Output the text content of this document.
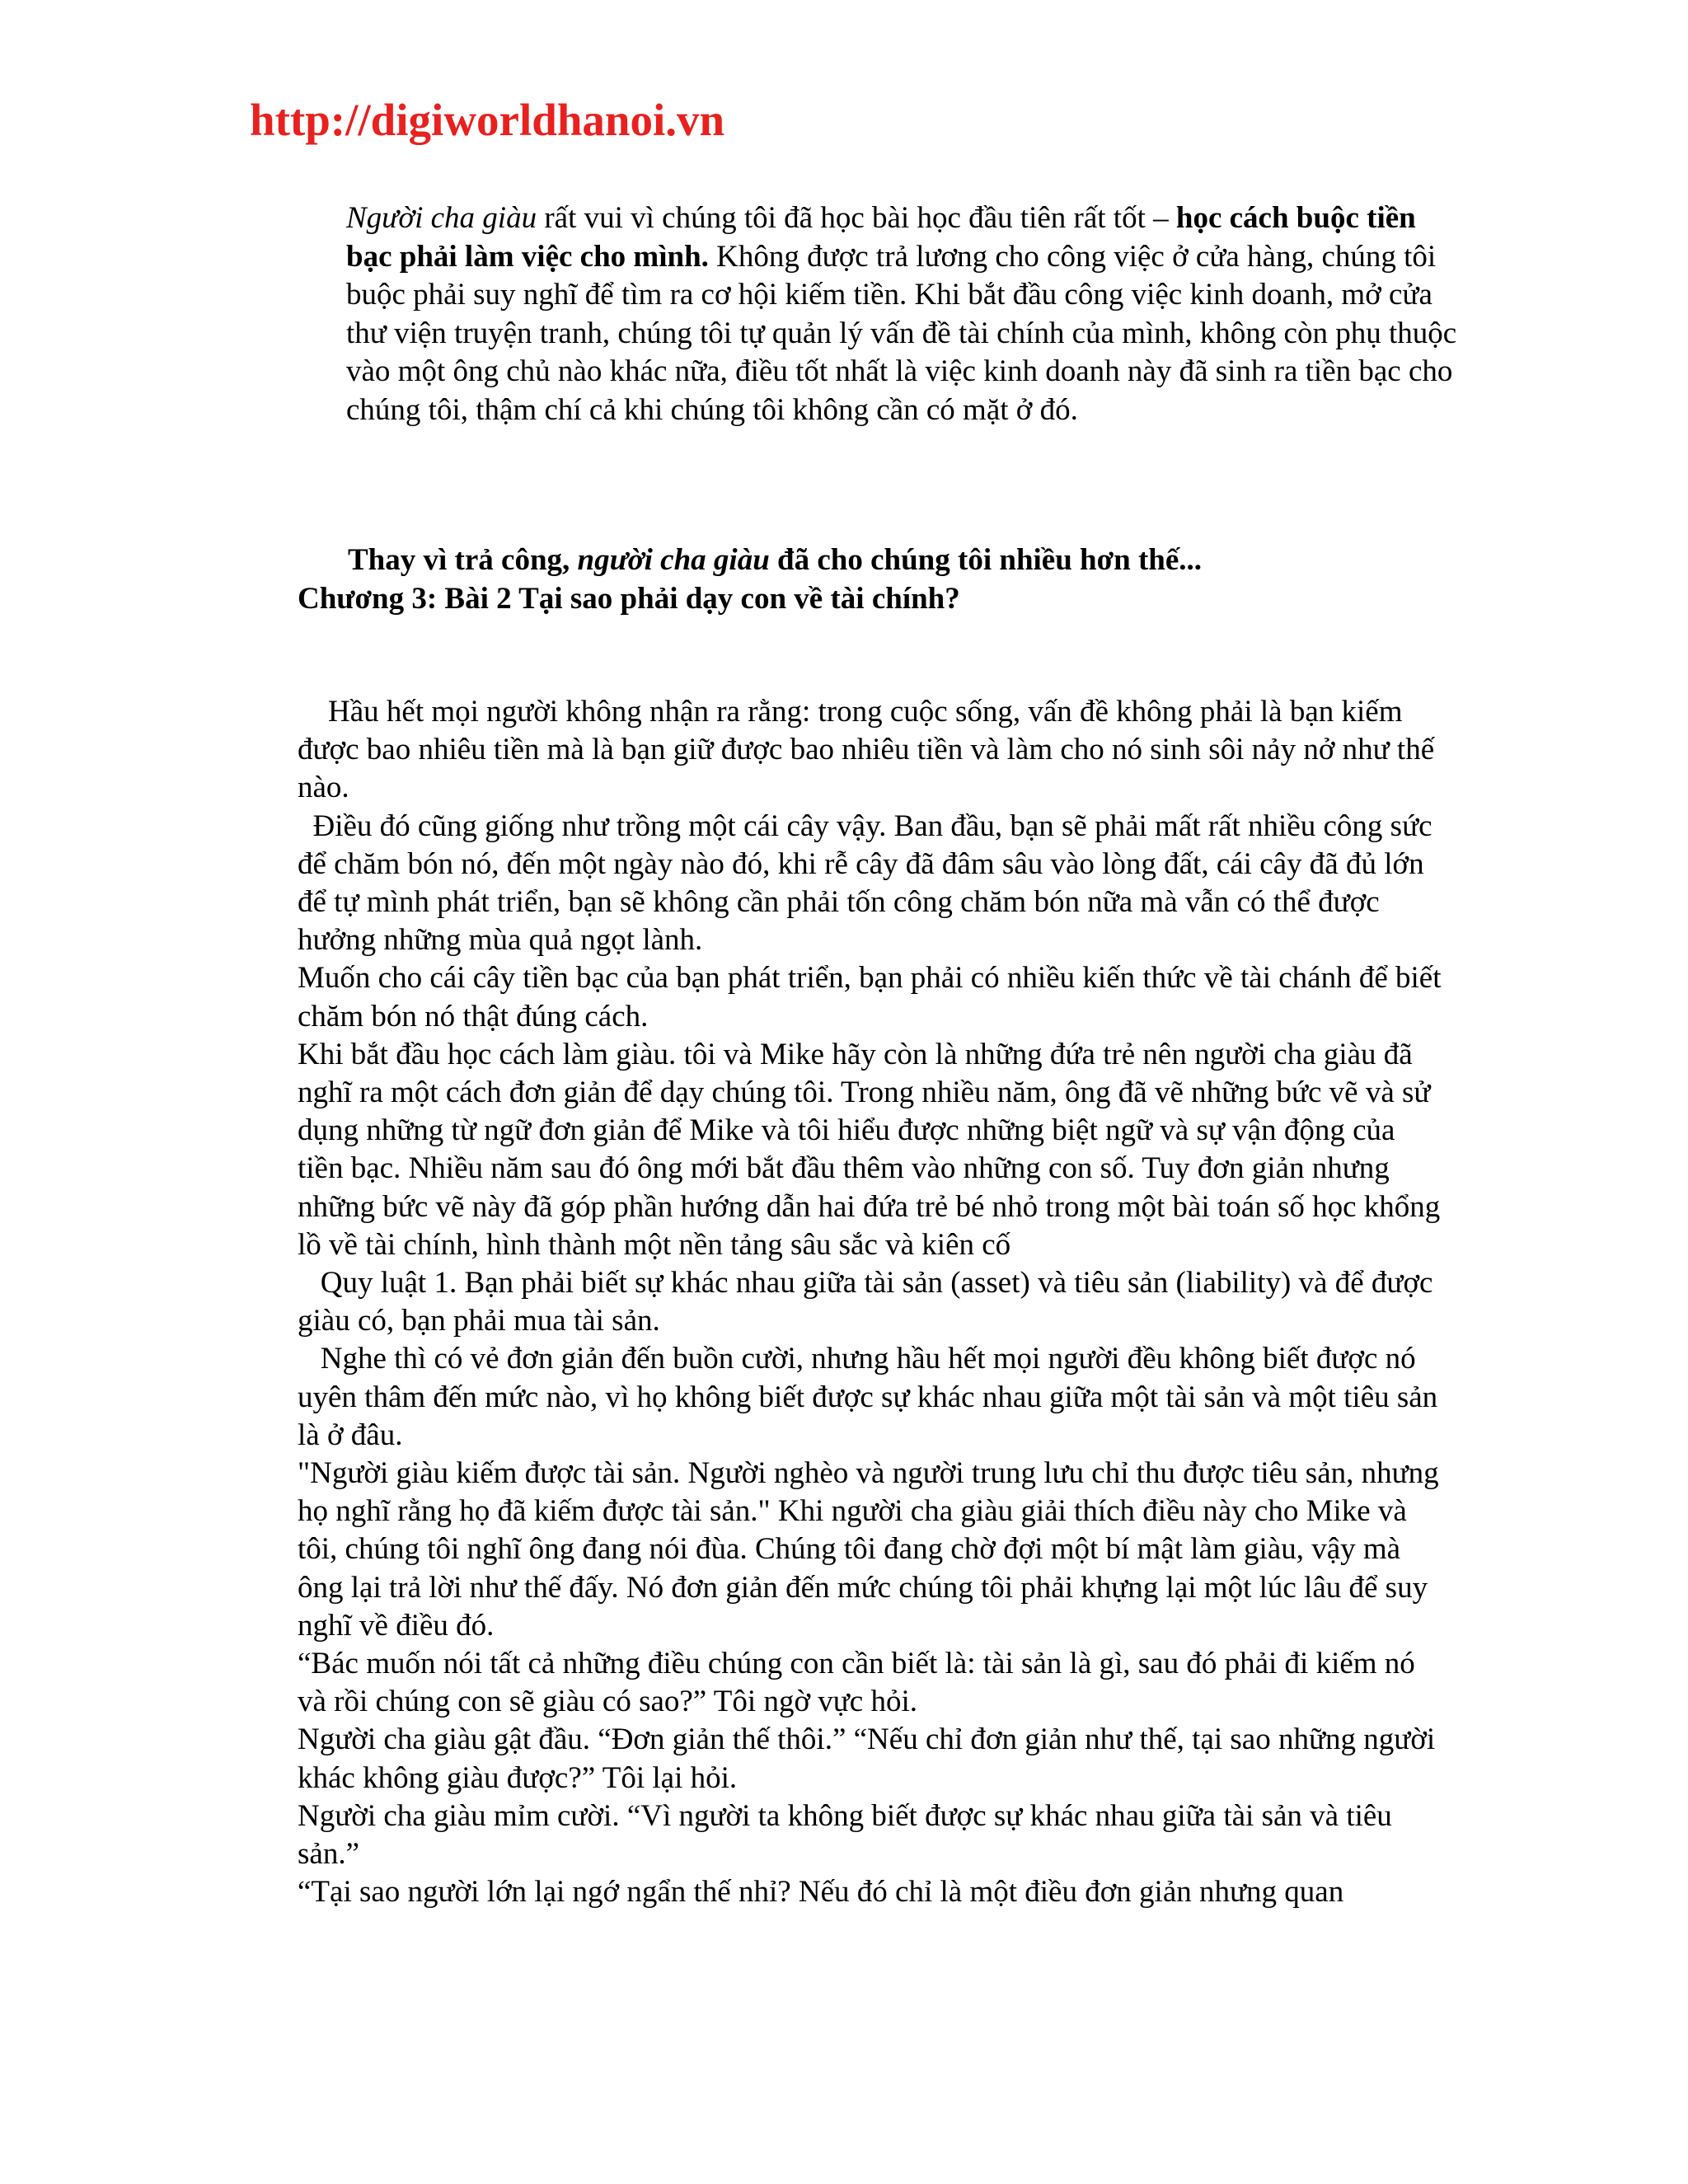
http://digiworldhanoi.vn

Người cha giàu rất vui vì chúng tôi đã học bài học đầu tiên rất tốt – học cách buộc tiền bạc phải làm việc cho mình. Không được trả lương cho công việc ở cửa hàng, chúng tôi buộc phải suy nghĩ để tìm ra cơ hội kiếm tiền. Khi bắt đầu công việc kinh doanh, mở cửa thư viện truyện tranh, chúng tôi tự quản lý vấn đề tài chính của mình, không còn phụ thuộc vào một ông chủ nào khác nữa, điều tốt nhất là việc kinh doanh này đã sinh ra tiền bạc cho chúng tôi, thậm chí cả khi chúng tôi không cần có mặt ở đó.

Thay vì trả công, người cha giàu đã cho chúng tôi nhiều hơn thế...

Chương 3: Bài 2 Tại sao phải dạy con về tài chính?

Hầu hết mọi người không nhận ra rằng: trong cuộc sống, vấn đề không phải là bạn kiếm được bao nhiêu tiền mà là bạn giữ được bao nhiêu tiền và làm cho nó sinh sôi nảy nở như thế nào.

Điều đó cũng giống như trồng một cái cây vậy. Ban đầu, bạn sẽ phải mất rất nhiều công sức để chăm bón nó, đến một ngày nào đó, khi rễ cây đã đâm sâu vào lòng đất, cái cây đã đủ lớn để tự mình phát triển, bạn sẽ không cần phải tốn công chăm bón nữa mà vẫn có thể được hưởng những mùa quả ngọt lành.

Muốn cho cái cây tiền bạc của bạn phát triển, bạn phải có nhiều kiến thức về tài chánh để biết chăm bón nó thật đúng cách.

Khi bắt đầu học cách làm giàu. tôi và Mike hãy còn là những đứa trẻ nên người cha giàu đã nghĩ ra một cách đơn giản để dạy chúng tôi. Trong nhiều năm, ông đã vẽ những bức vẽ và sử dụng những từ ngữ đơn giản để Mike và tôi hiểu được những biệt ngữ và sự vận động của tiền bạc. Nhiều năm sau đó ông mới bắt đầu thêm vào những con số. Tuy đơn giản nhưng những bức vẽ này đã góp phần hướng dẫn hai đứa trẻ bé nhỏ trong một bài toán số học khổng lồ về tài chính, hình thành một nền tảng sâu sắc và kiên cố

Quy luật 1. Bạn phải biết sự khác nhau giữa tài sản (asset) và tiêu sản (liability) và để được giàu có, bạn phải mua tài sản.

Nghe thì có vẻ đơn giản đến buồn cười, nhưng hầu hết mọi người đều không biết được nó uyên thâm đến mức nào, vì họ không biết được sự khác nhau giữa một tài sản và một tiêu sản là ở đâu.

"Người giàu kiếm được tài sản. Người nghèo và người trung lưu chỉ thu được tiêu sản, nhưng họ nghĩ rằng họ đã kiếm được tài sản." Khi người cha giàu giải thích điều này cho Mike và tôi, chúng tôi nghĩ ông đang nói đùa. Chúng tôi đang chờ đợi một bí mật làm giàu, vậy mà ông lại trả lời như thế đấy. Nó đơn giản đến mức chúng tôi phải khựng lại một lúc lâu để suy nghĩ về điều đó.

“Bác muốn nói tất cả những điều chúng con cần biết là: tài sản là gì, sau đó phải đi kiếm nó và rồi chúng con sẽ giàu có sao?” Tôi ngờ vực hỏi.

Người cha giàu gật đầu. “Đơn giản thế thôi.” “Nếu chỉ đơn giản như thế, tại sao những người khác không giàu được?” Tôi lại hỏi.

Người cha giàu mỉm cười. “Vì người ta không biết được sự khác nhau giữa tài sản và tiêu sản.”

“Tại sao người lớn lại ngớ ngẩn thế nhỉ? Nếu đó chỉ là một điều đơn giản nhưng quan
